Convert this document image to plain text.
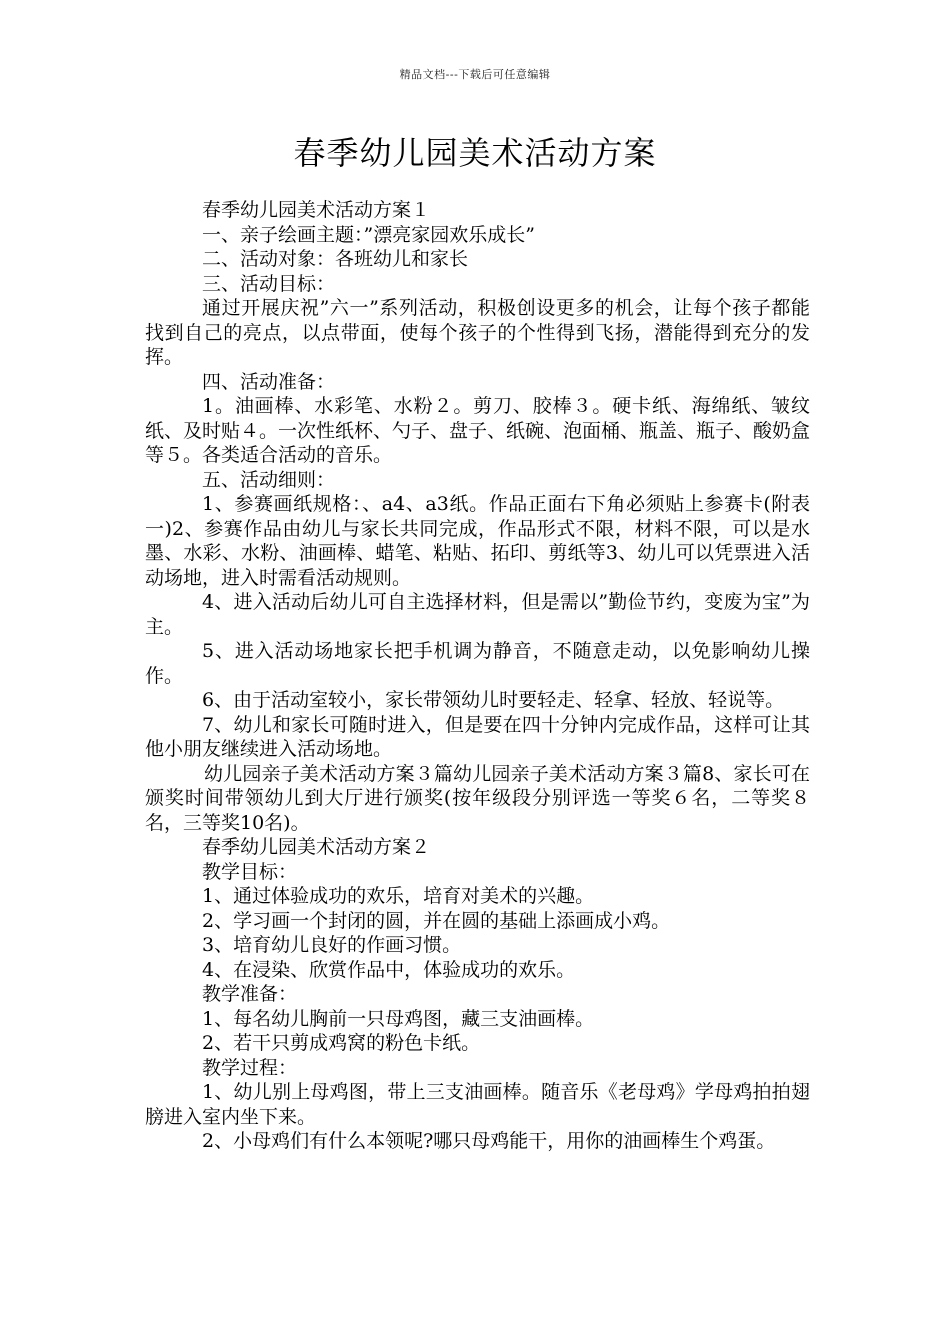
精品文档---下载后可任意编辑
春季幼儿园美术活动方案

春季幼儿园美术活动方案１

一、亲子绘画主题：”漂亮家园欢乐成长”

二、活动对象：各班幼儿和家长

三、活动目标：

通过开展庆祝”六一”系列活动，积极创设更多的机会，让每个孩子都能找到自己的亮点，以点带面，使每个孩子的个性得到飞扬，潜能得到充分的发挥。

四、活动准备：

1。油画棒、水彩笔、水粉２。剪刀、胶棒３。硬卡纸、海绵纸、皱纹纸、及时贴４。一次性纸杯、勺子、盘子、纸碗、泡面桶、瓶盖、瓶子、酸奶盒等５。各类适合活动的音乐。

五、活动细则：

1、参赛画纸规格：、a4、a3纸。作品正面右下角必须贴上参赛卡(附表一)2、参赛作品由幼儿与家长共同完成，作品形式不限，材料不限，可以是水墨、水彩、水粉、油画棒、蜡笔、粘贴、拓印、剪纸等3、幼儿可以凭票进入活动场地，进入时需看活动规则。

4、进入活动后幼儿可自主选择材料，但是需以”勤俭节约，变废为宝”为主。

5、进入活动场地家长把手机调为静音，不随意走动，以免影响幼儿操作。

6、由于活动室较小，家长带领幼儿时要轻走、轻拿、轻放、轻说等。

7、幼儿和家长可随时进入，但是要在四十分钟内完成作品，这样可让其他小朋友继续进入活动场地。

幼儿园亲子美术活动方案３篇幼儿园亲子美术活动方案３篇8、家长可在颁奖时间带领幼儿到大厅进行颁奖(按年级段分别评选一等奖６名，二等奖８名，三等奖10名)。

春季幼儿园美术活动方案２

教学目标：

1、通过体验成功的欢乐，培育对美术的兴趣。

2、学习画一个封闭的圆，并在圆的基础上添画成小鸡。

3、培育幼儿良好的作画习惯。

4、在浸染、欣赏作品中，体验成功的欢乐。

教学准备：

1、每名幼儿胸前一只母鸡图，藏三支油画棒。

2、若干只剪成鸡窝的粉色卡纸。

教学过程：

1、幼儿别上母鸡图，带上三支油画棒。随音乐《老母鸡》学母鸡拍拍翅膀进入室内坐下来。

2、小母鸡们有什么本领呢?哪只母鸡能干，用你的油画棒生个鸡蛋。
